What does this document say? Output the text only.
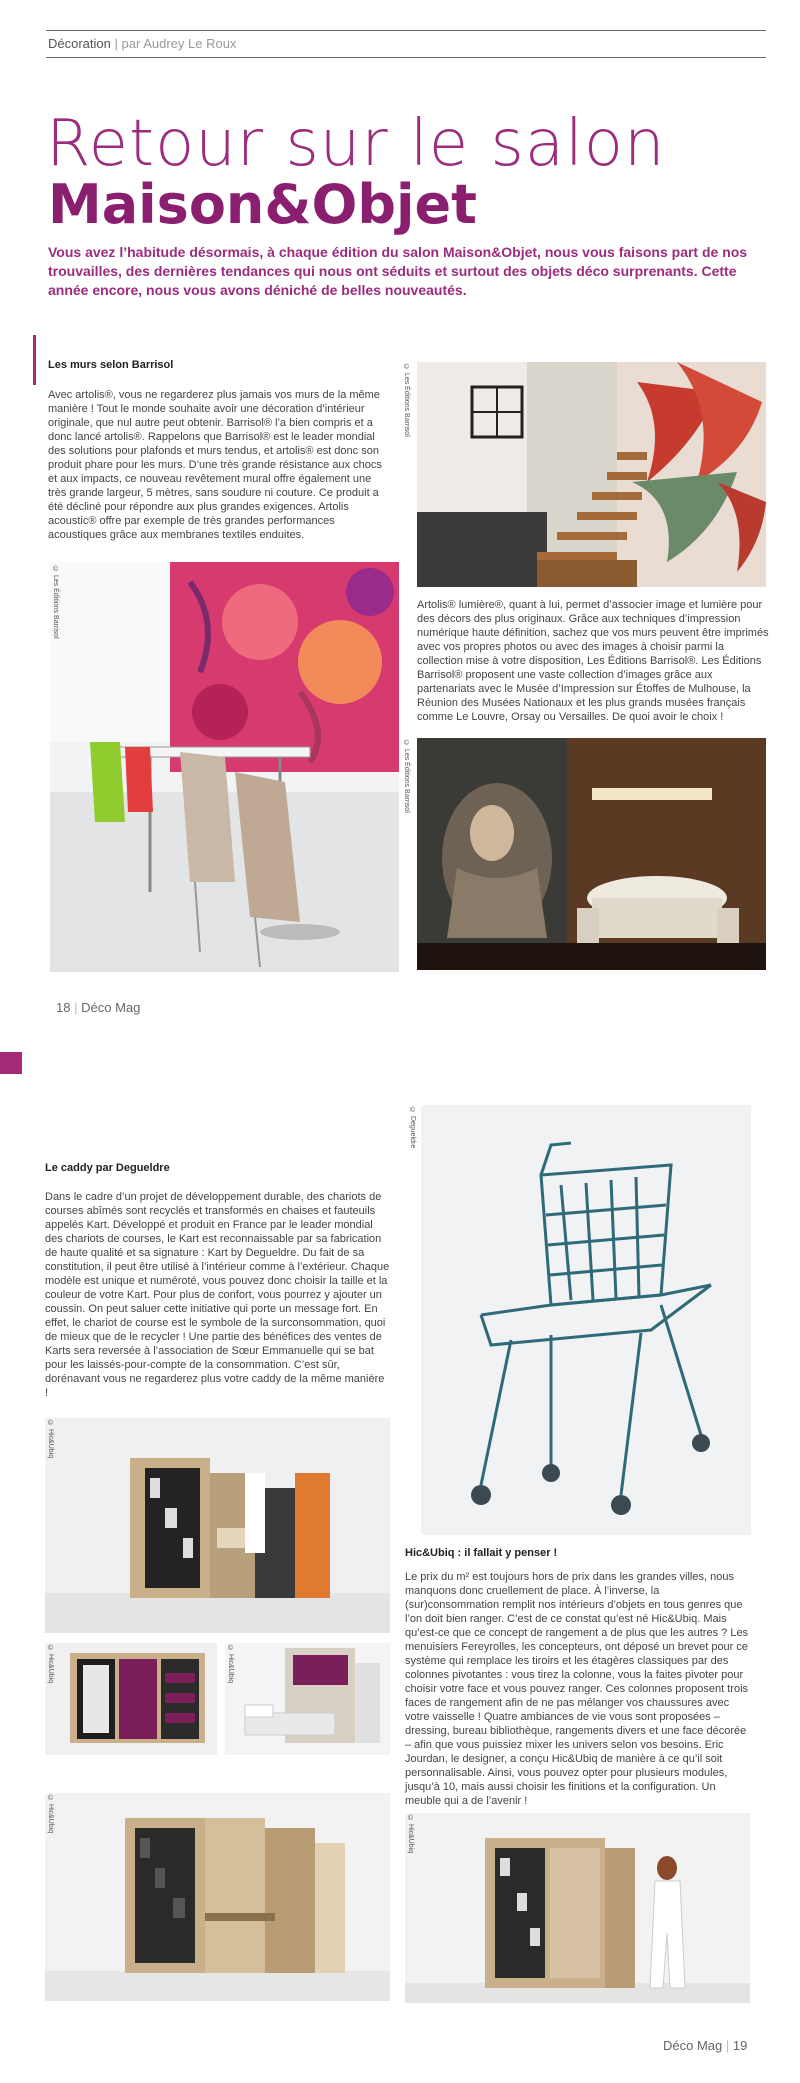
Décoration | par Audrey Le Roux
Retour sur le salon
Maison&Objet
Vous avez l’habitude désormais, à chaque édition du salon Maison&Objet, nous vous faisons part de nos trouvailles, des dernières tendances qui nous ont séduits et surtout des objets déco surprenants. Cette année encore, nous vous avons déniché de belles nouveautés.
Les murs selon Barrisol
Avec artolis®, vous ne regarderez plus jamais vos murs de la même manière ! Tout le monde souhaite avoir une décoration d’intérieur originale, que nul autre peut obtenir. Barrisol® l’a bien compris et a donc lancé artolis®. Rappelons que Barrisol® est le leader mondial des solutions pour plafonds et murs tendus, et artolis® est donc son produit phare pour les murs. D’une très grande résistance aux chocs et aux impacts, ce nouveau revêtement mural offre également une très grande largeur, 5 mètres, sans soudure ni couture. Ce produit a été décliné pour répondre aux plus grandes exigences. Artolis acoustic® offre par exemple de très grandes performances acoustiques grâce aux membranes textiles enduites.
© Les Éditions Barrisol
© Les Éditions Barrisol	Artolis® lumière®, quant à lui, permet d’associer image et lumière pour des décors des plus originaux. Grâce aux techniques d’impression numérique haute définition, sachez que vos murs peuvent être imprimés avec vos propres photos ou avec des images à choisir parmi la collection mise à votre disposition, Les Éditions Barrisol®. Les Éditions Barrisol® proposent une vaste collection d’images grâce aux partenariats avec le Musée d’Impression sur Étoffes de Mulhouse, la Réunion des Musées Nationaux et les plus grands musées français comme Le Louvre, Orsay ou Versailles. De quoi avoir le choix !
© Les Éditions Barrisol
18 | Déco Mag
Le caddy par Degueldre
Dans le cadre d’un projet de développement durable, des chariots de courses abîmés sont recyclés et transformés en chaises et fauteuils appelés Kart. Développé et produit en France par le leader mondial des chariots de courses, le Kart est reconnaissable par sa fabrication de haute qualité et sa signature : Kart by Degueldre. Du fait de sa constitution, il peut être utilisé à l’intérieur comme à l’extérieur. Chaque modèle est unique et numéroté, vous pouvez donc choisir la taille et la couleur de votre Kart. Pour plus de confort, vous pourrez y ajouter un coussin. On peut saluer cette initiative qui porte un message fort. En effet, le chariot de course est le symbole de la surconsommation, quoi de mieux que de le recycler ! Une partie des bénéfices des ventes de Karts sera reversée à l’association de Sœur Emmanuelle qui se bat pour les laissés-pour-compte de la consommation. C’est sûr, dorénavant vous ne regarderez plus votre caddy de la même manière !
© Degueldre
© Hic&Ubiq
© Hic&Ubiq	© Hic&Ubiq
© Hic&Ubiq
Hic&Ubiq : il fallait y penser !
Le prix du m² est toujours hors de prix dans les grandes villes, nous manquons donc cruellement de place. À l’inverse, la (sur)consommation remplit nos intérieurs d’objets en tous genres que l’on doit bien ranger. C’est de ce constat qu’est né Hic&Ubiq. Mais qu’est-ce que ce concept de rangement a de plus que les autres ? Les menuisiers Fereyrolles, les concepteurs, ont déposé un brevet pour ce système qui remplace les tiroirs et les étagères classiques par des colonnes pivotantes : vous tirez la colonne, vous la faites pivoter pour choisir votre face et vous pouvez ranger. Ces colonnes proposent trois faces de rangement afin de ne pas mélanger vos chaussures avec votre vaisselle ! Quatre ambiances de vie vous sont proposées – dressing, bureau bibliothèque, rangements divers et une face décorée – afin que vous puissiez mixer les univers selon vos besoins. Eric Jourdan, le designer, a conçu Hic&Ubiq de manière à ce qu’il soit personnalisable. Ainsi, vous pouvez opter pour plusieurs modules, jusqu’à 10, mais aussi choisir les finitions et la configuration. Un meuble qui a de l’avenir !
© Hic&Ubiq
Déco Mag | 19
